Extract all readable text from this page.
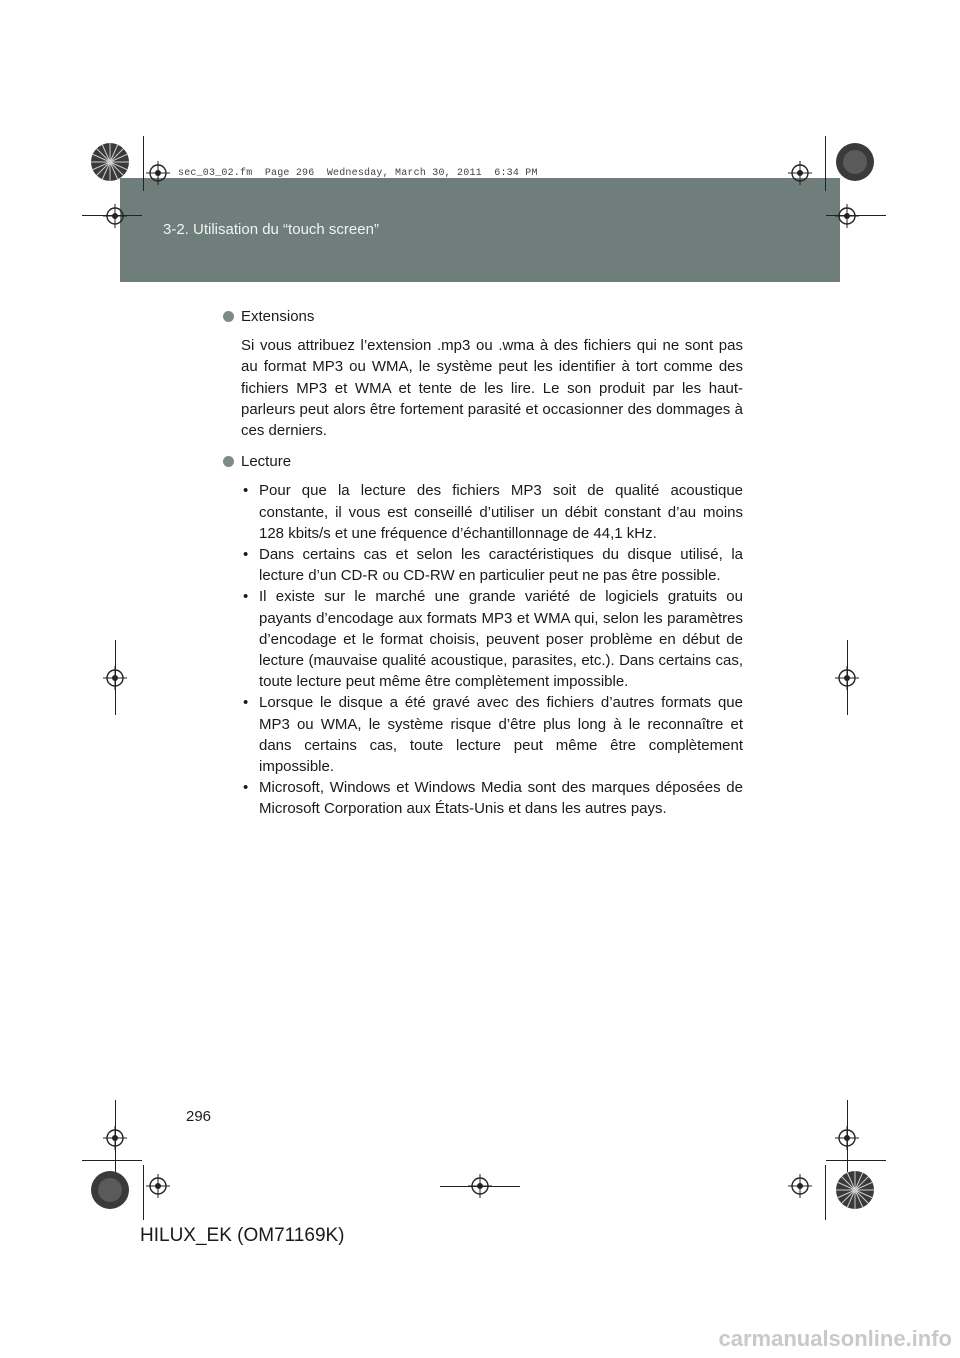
3-2. Utilisation du “touch screen”
sec_03_02.fm  Page 296  Wednesday, March 30, 2011  6:34 PM
Extensions
Si vous attribuez l’extension .mp3 ou .wma à des fichiers qui ne sont pas au format MP3 ou WMA, le système peut les identifier à tort comme des fichiers MP3 et WMA et tente de les lire. Le son produit par les haut-parleurs peut alors être fortement parasité et occasionner des dommages à ces derniers.
Lecture
• Pour que la lecture des fichiers MP3 soit de qualité acoustique constante, il vous est conseillé d’utiliser un débit constant d’au moins 128 kbits/s et une fréquence d’échantillonnage de 44,1 kHz.
• Dans certains cas et selon les caractéristiques du disque utilisé, la lecture d’un CD-R ou CD-RW en particulier peut ne pas être possible.
• Il existe sur le marché une grande variété de logiciels gratuits ou payants d’encodage aux formats MP3 et WMA qui, selon les paramètres d’encodage et le format choisis, peuvent poser problème en début de lecture (mauvaise qualité acoustique, parasites, etc.). Dans certains cas, toute lecture peut même être complètement impossible.
• Lorsque le disque a été gravé avec des fichiers d’autres formats que MP3 ou WMA, le système risque d’être plus long à le reconnaître et dans certains cas, toute lecture peut même être complètement impossible.
• Microsoft, Windows et Windows Media sont des marques déposées de Microsoft Corporation aux États-Unis et dans les autres pays.
296
HILUX_EK (OM71169K)
carmanualsonline.info
